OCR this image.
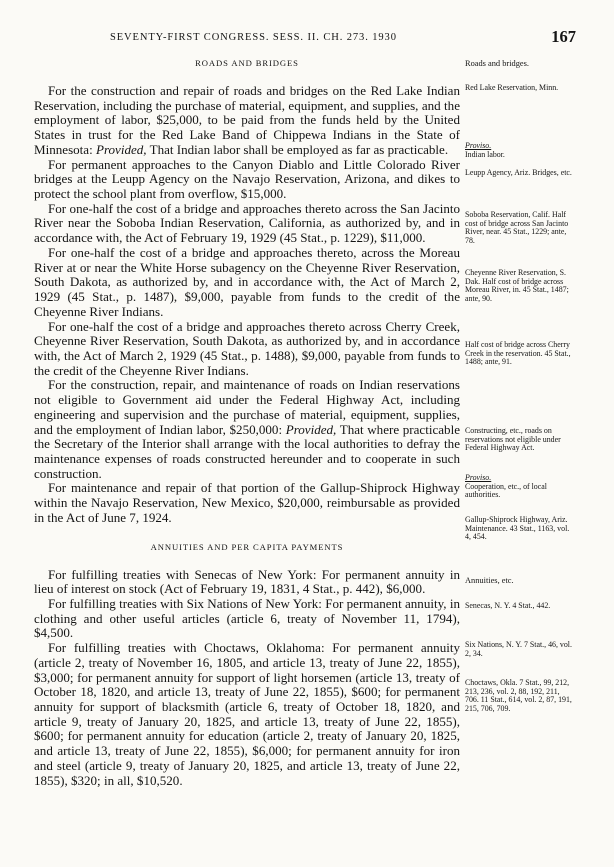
SEVENTY-FIRST CONGRESS. SESS. II. CH. 273. 1930	167
ROADS AND BRIDGES

For the construction and repair of roads and bridges on the Red Lake Indian Reservation, including the purchase of material, equipment, and supplies, and the employment of labor, $25,000, to be paid from the funds held by the United States in trust for the Red Lake Band of Chippewa Indians in the State of Minnesota: Provided, That Indian labor shall be employed as far as practicable.

For permanent approaches to the Canyon Diablo and Little Colorado River bridges at the Leupp Agency on the Navajo Reservation, Arizona, and dikes to protect the school plant from overflow, $15,000.

For one-half the cost of a bridge and approaches thereto across the San Jacinto River near the Soboba Indian Reservation, California, as authorized by, and in accordance with, the Act of February 19, 1929 (45 Stat., p. 1229), $11,000.

For one-half the cost of a bridge and approaches thereto, across the Moreau River at or near the White Horse subagency on the Cheyenne River Reservation, South Dakota, as authorized by, and in accordance with, the Act of March 2, 1929 (45 Stat., p. 1487), $9,000, payable from funds to the credit of the Cheyenne River Indians.

For one-half the cost of a bridge and approaches thereto across Cherry Creek, Cheyenne River Reservation, South Dakota, as authorized by, and in accordance with, the Act of March 2, 1929 (45 Stat., p. 1488), $9,000, payable from funds to the credit of the Cheyenne River Indians.

For the construction, repair, and maintenance of roads on Indian reservations not eligible to Government aid under the Federal Highway Act, including engineering and supervision and the purchase of material, equipment, supplies, and the employment of Indian labor, $250,000: Provided, That where practicable the Secretary of the Interior shall arrange with the local authorities to defray the maintenance expenses of roads constructed hereunder and to cooperate in such construction.

For maintenance and repair of that portion of the Gallup-Shiprock Highway within the Navajo Reservation, New Mexico, $20,000, reimbursable as provided in the Act of June 7, 1924.

ANNUITIES AND PER CAPITA PAYMENTS

For fulfilling treaties with Senecas of New York: For permanent annuity in lieu of interest on stock (Act of February 19, 1831, 4 Stat., p. 442), $6,000.

For fulfilling treaties with Six Nations of New York: For permanent annuity, in clothing and other useful articles (article 6, treaty of November 11, 1794), $4,500.

For fulfilling treaties with Choctaws, Oklahoma: For permanent annuity (article 2, treaty of November 16, 1805, and article 13, treaty of June 22, 1855), $3,000; for permanent annuity for support of light horsemen (article 13, treaty of October 18, 1820, and article 13, treaty of June 22, 1855), $600; for permanent annuity for support of blacksmith (article 6, treaty of October 18, 1820, and article 9, treaty of January 20, 1825, and article 13, treaty of June 22, 1855), $600; for permanent annuity for education (article 2, treaty of January 20, 1825, and article 13, treaty of June 22, 1855), $6,000; for permanent annuity for iron and steel (article 9, treaty of January 20, 1825, and article 13, treaty of June 22, 1855), $320; in all, $10,520.

Roads and bridges.
Red Lake Reservation, Minn.
Proviso.
Indian labor.
Leupp Agency, Ariz. Bridges, etc.
Soboba Reservation, Calif. Half cost of bridge across San Jacinto River, near. 45 Stat., 1229; ante, 78.
Cheyenne River Reservation, S. Dak. Half cost of bridge across Moreau River, in. 45 Stat., 1487; ante, 90.
Half cost of bridge across Cherry Creek in the reservation. 45 Stat., 1488; ante, 91.
Constructing, etc., roads on reservations not eligible under Federal Highway Act.
Proviso.
Cooperation, etc., of local authorities.
Gallup-Shiprock Highway, Ariz. Maintenance. 43 Stat., 1163, vol. 4, 454.
Annuities, etc.
Senecas, N. Y. 4 Stat., 442.
Six Nations, N. Y. 7 Stat., 46, vol. 2, 34.
Choctaws, Okla. 7 Stat., 99, 212, 213, 236, vol. 2, 88, 192, 211, 706. 11 Stat., 614, vol. 2, 87, 191, 215, 706, 709.
